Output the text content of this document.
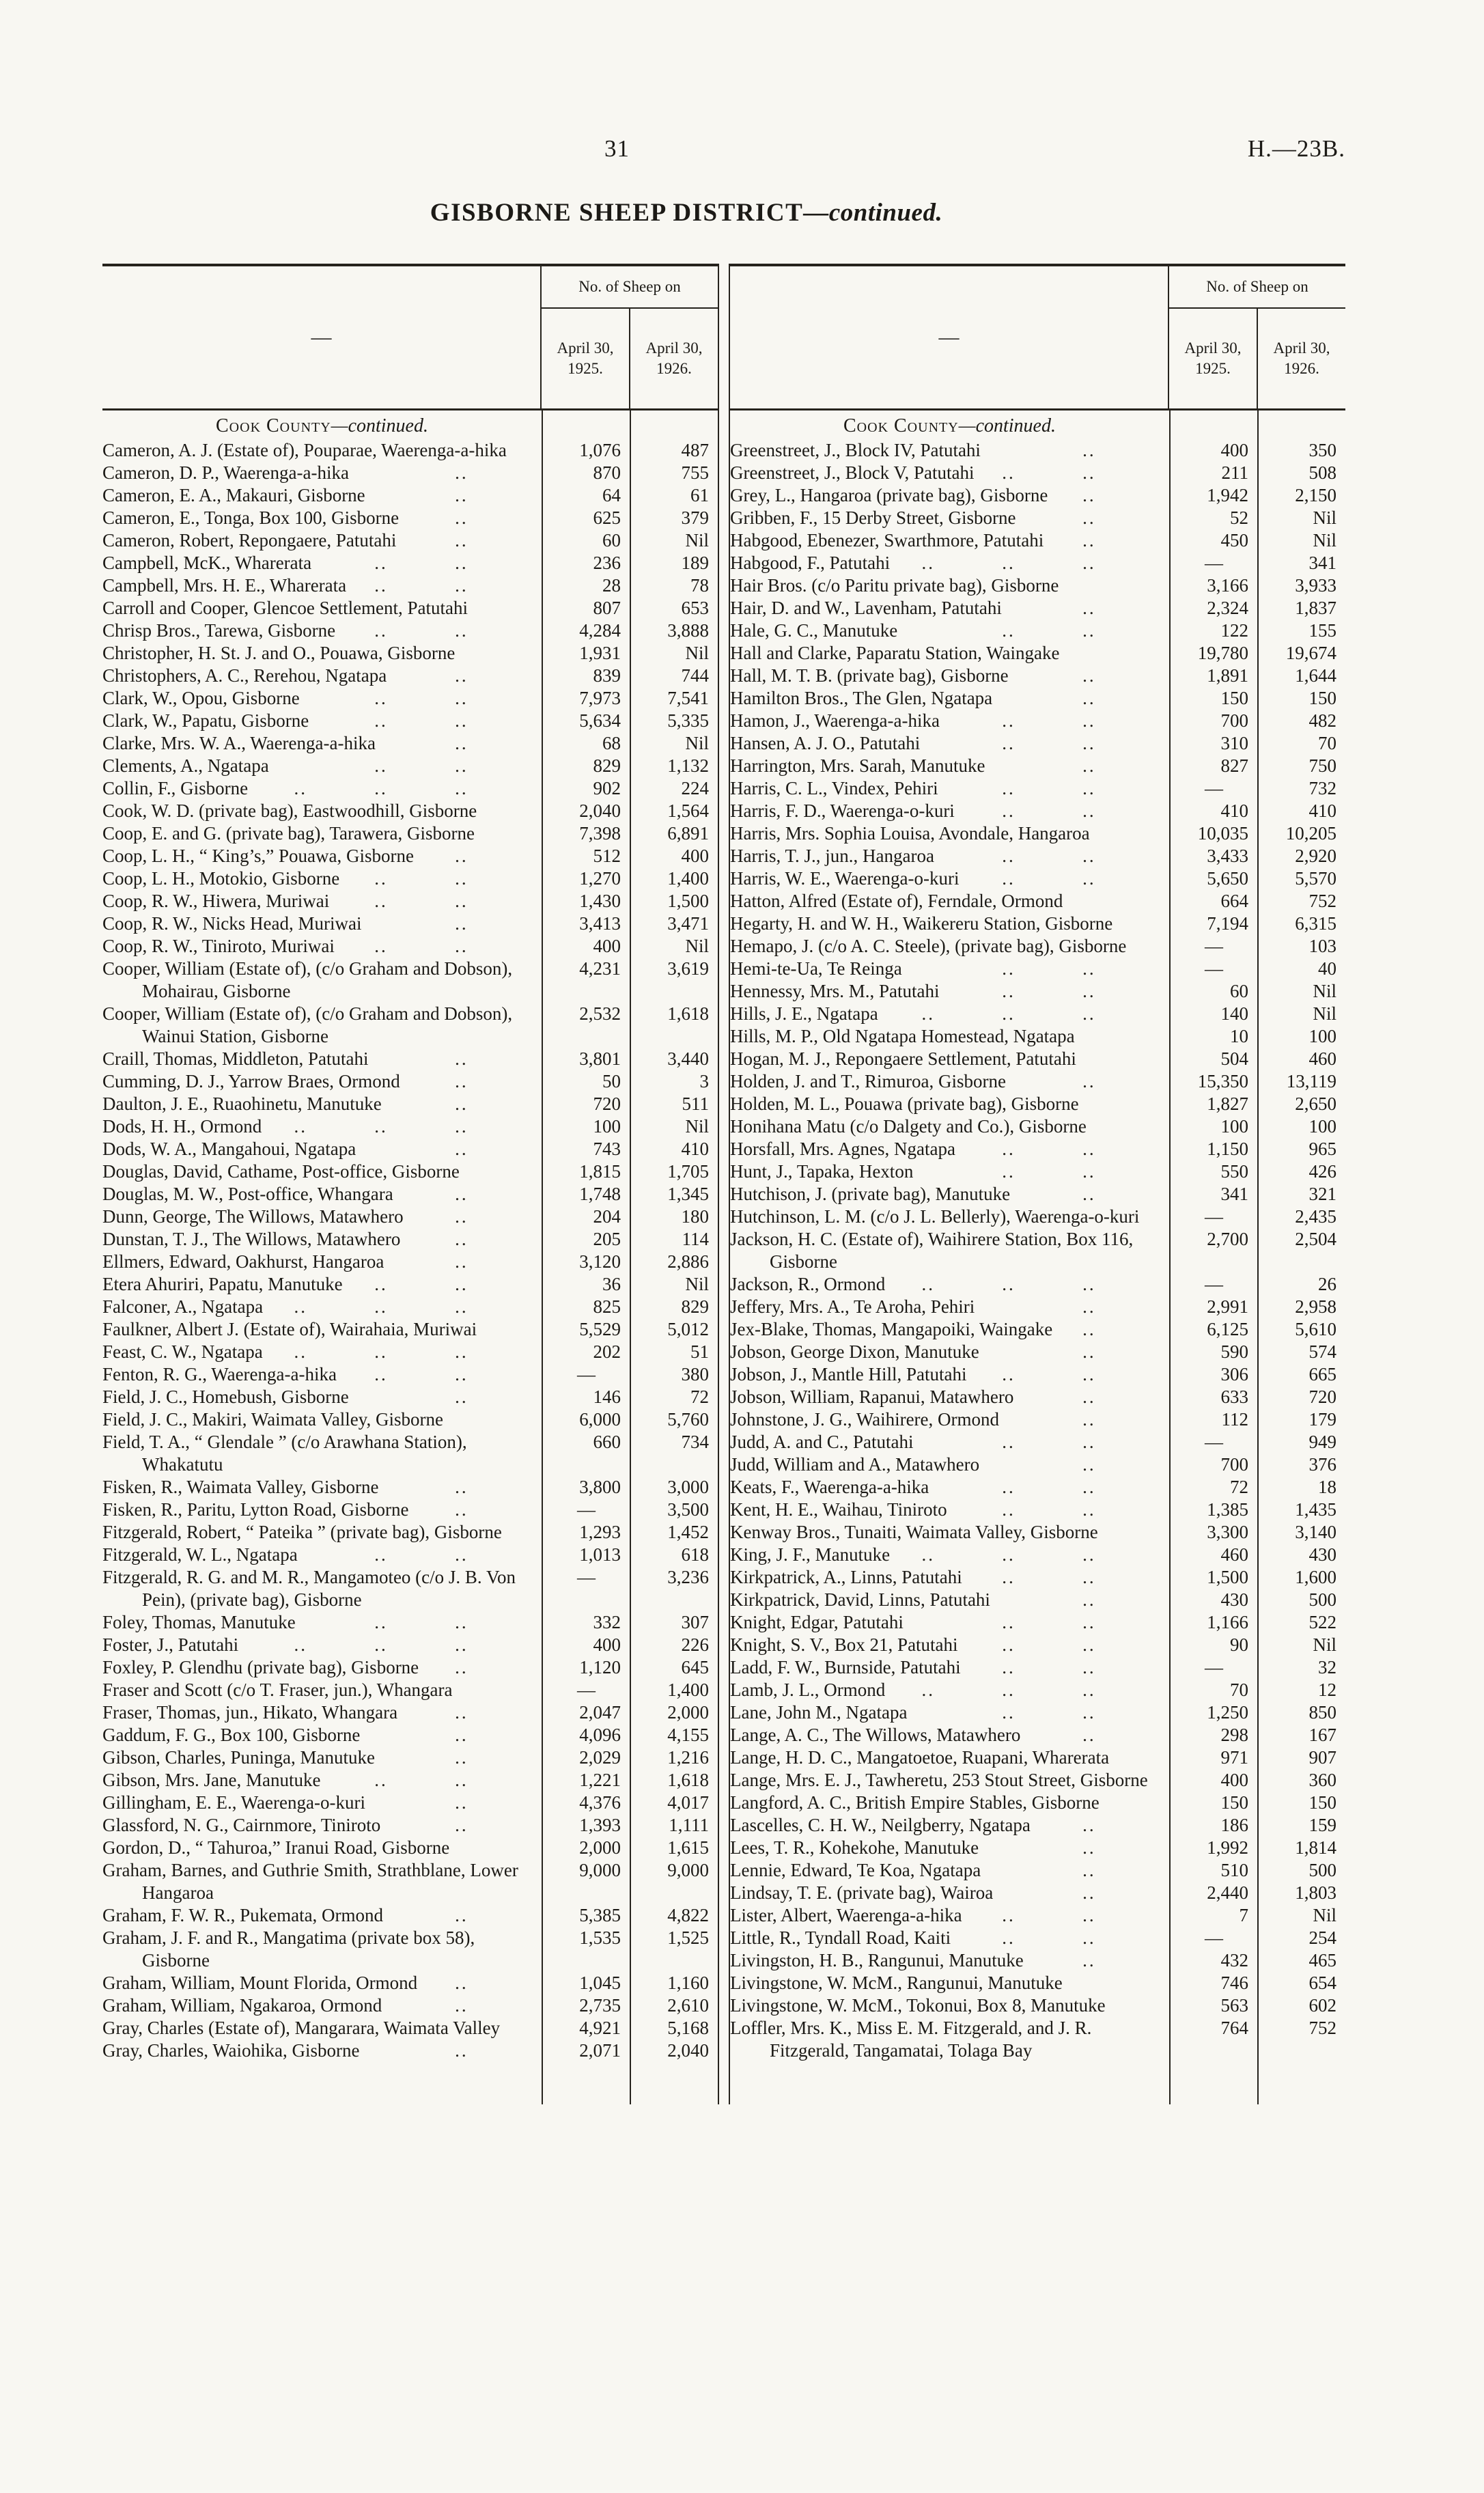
31	H.—23B.
GISBORNE SHEEP DISTRICT—continued.
—
No. of Sheep on
April 30, 1925.
April 30, 1926.
Cook County—continued.
Cameron, A. J. (Estate of), Pouparae, Waerenga-a-hika	1,076	487
Cameron, D. P., Waerenga-a-hika	..	870	755
Cameron, E. A., Makauri, Gisborne	..	64	61
Cameron, E., Tonga, Box 100, Gisborne	..	625	379
Cameron, Robert, Repongaere, Patutahi	..	60	Nil
Campbell, McK., Wharerata	..	..	236	189
Campbell, Mrs. H. E., Wharerata ..	..	28	78
Carroll and Cooper, Glencoe Settlement, Patutahi	807	653
Chrisp Bros., Tarewa, Gisborne ..	..	4,284	3,888
Christopher, H. St. J. and O., Pouawa, Gisborne	1,931	Nil
Christophers, A. C., Rerehou, Ngatapa	..	839	744
Clark, W., Opou, Gisborne	..	..	7,973	7,541
Clark, W., Papatu, Gisborne	..	..	5,634	5,335
Clarke, Mrs. W. A., Waerenga-a-hika	..	68	Nil
Clements, A., Ngatapa	..	..	829	1,132
Collin, F., Gisborne ..	..	..	902	224
Cook, W. D. (private bag), Eastwoodhill, Gisborne	2,040	1,564
Coop, E. and G. (private bag), Tarawera, Gisborne	7,398	6,891
Coop, L. H., “ King’s,” Pouawa, Gisborne ..	512	400
Coop, L. H., Motokio, Gisborne ..	..	1,270	1,400
Coop, R. W., Hiwera, Muriwai ..	..	1,430	1,500
Coop, R. W., Nicks Head, Muriwai	..	3,413	3,471
Coop, R. W., Tiniroto, Muriwai ..	..	400	Nil
Cooper, William (Estate of), (c/o Graham and Dobson), Mohairau, Gisborne
4,231	3,619
Cooper, William (Estate of), (c/o Graham and Dobson), Wainui Station, Gisborne
2,532	1,618
Craill, Thomas, Middleton, Patutahi	..	3,801	3,440
Cumming, D. J., Yarrow Braes, Ormond	..	50	3
Daulton, J. E., Ruaohinetu, Manutuke	..	720	511
Dods, H. H., Ormond ..	..	..	100	Nil
Dods, W. A., Mangahoui, Ngatapa	..	743	410
Douglas, David, Cathame, Post-office, Gisborne	1,815	1,705
Douglas, M. W., Post-office, Whangara	..	1,748	1,345
Dunn, George, The Willows, Matawhero	..	204	180
Dunstan, T. J., The Willows, Matawhero	..	205	114
Ellmers, Edward, Oakhurst, Hangaroa	..	3,120	2,886
Etera Ahuriri, Papatu, Manutuke ..	..	36	Nil
Falconer, A., Ngatapa ..	..	..	825	829
Faulkner, Albert J. (Estate of), Wairahaia, Muriwai	5,529	5,012
Feast, C. W., Ngatapa ..	..	..	202	51
Fenton, R. G., Waerenga-a-hika ..	..	—	380
Field, J. C., Homebush, Gisborne	..	146	72
Field, J. C., Makiri, Waimata Valley, Gisborne	6,000	5,760
Field, T. A., “ Glendale ” (c/o Arawhana Station), Whakatutu
660	734
Fisken, R., Waimata Valley, Gisborne	..	3,800	3,000
Fisken, R., Paritu, Lytton Road, Gisborne	..	—	3,500
Fitzgerald, Robert, “ Pateika ” (private bag), Gisborne	1,293	1,452
Fitzgerald, W. L., Ngatapa	..	..	1,013	618
Fitzgerald, R. G. and M. R., Mangamoteo (c/o J. B. Von Pein), (private bag), Gisborne
—	3,236
Foley, Thomas, Manutuke	..	..	332	307
Foster, J., Patutahi	..	..	..	400	226
Foxley, P. Glendhu (private bag), Gisborne ..	1,120	645
Fraser and Scott (c/o T. Fraser, jun.), Whangara	—	1,400
Fraser, Thomas, jun., Hikato, Whangara	..	2,047	2,000
Gaddum, F. G., Box 100, Gisborne	..	4,096	4,155
Gibson, Charles, Puninga, Manutuke	..	2,029	1,216
Gibson, Mrs. Jane, Manutuke	..	..	1,221	1,618
Gillingham, E. E., Waerenga-o-kuri	..	4,376	4,017
Glassford, N. G., Cairnmore, Tiniroto	..	1,393	1,111
Gordon, D., “ Tahuroa,” Iranui Road, Gisborne	2,000	1,615
Graham, Barnes, and Guthrie Smith, Strathblane, Lower Hangaroa
9,000	9,000
Graham, F. W. R., Pukemata, Ormond	..	5,385	4,822
Graham, J. F. and R., Mangatima (private box 58), Gisborne
1,535	1,525
Graham, William, Mount Florida, Ormond ..	1,045	1,160
Graham, William, Ngakaroa, Ormond	..	2,735	2,610
Gray, Charles (Estate of), Mangarara, Waimata Valley	4,921	5,168
Gray, Charles, Waiohika, Gisborne	..	2,071	2,040
—
No. of Sheep on
April 30, 1925.
April 30, 1926.
Cook County—continued.
Greenstreet, J., Block IV, Patutahi	..	400	350
Greenstreet, J., Block V, Patutahi ..	..	211	508
Grey, L., Hangaroa (private bag), Gisborne ..	1,942	2,150
Gribben, F., 15 Derby Street, Gisborne	..	52	Nil
Habgood, Ebenezer, Swarthmore, Patutahi ..	450	Nil
Habgood, F., Patutahi ..	..	..	—	341
Hair Bros. (c/o Paritu private bag), Gisborne	3,166	3,933
Hair, D. and W., Lavenham, Patutahi	..	2,324	1,837
Hale, G. C., Manutuke	..	..	122	155
Hall and Clarke, Paparatu Station, Waingake	19,780	19,674
Hall, M. T. B. (private bag), Gisborne	..	1,891	1,644
Hamilton Bros., The Glen, Ngatapa	..	150	150
Hamon, J., Waerenga-a-hika	..	..	700	482
Hansen, A. J. O., Patutahi	..	..	310	70
Harrington, Mrs. Sarah, Manutuke	..	827	750
Harris, C. L., Vindex, Pehiri	..	..	—	732
Harris, F. D., Waerenga-o-kuri	..	..	410	410
Harris, Mrs. Sophia Louisa, Avondale, Hangaroa	10,035	10,205
Harris, T. J., jun., Hangaroa	..	..	3,433	2,920
Harris, W. E., Waerenga-o-kuri ..	..	5,650	5,570
Hatton, Alfred (Estate of), Ferndale, Ormond	664	752
Hegarty, H. and W. H., Waikereru Station, Gisborne	7,194	6,315
Hemapo, J. (c/o A. C. Steele), (private bag), Gisborne	—	103
Hemi-te-Ua, Te Reinga	..	..	—	40
Hennessy, Mrs. M., Patutahi	..	..	60	Nil
Hills, J. E., Ngatapa ..	..	..	140	Nil
Hills, M. P., Old Ngatapa Homestead, Ngatapa	10	100
Hogan, M. J., Repongaere Settlement, Patutahi	504	460
Holden, J. and T., Rimuroa, Gisborne	..	15,350	13,119
Holden, M. L., Pouawa (private bag), Gisborne	1,827	2,650
Honihana Matu (c/o Dalgety and Co.), Gisborne	100	100
Horsfall, Mrs. Agnes, Ngatapa	..	..	1,150	965
Hunt, J., Tapaka, Hexton	..	..	550	426
Hutchison, J. (private bag), Manutuke	..	341	321
Hutchinson, L. M. (c/o J. L. Bellerly), Waerenga-o-kuri	—	2,435
Jackson, H. C. (Estate of), Waihirere Station, Box 116, Gisborne
2,700	2,504
Jackson, R., Ormond ..	..	..	—	26
Jeffery, Mrs. A., Te Aroha, Pehiri	..	2,991	2,958
Jex-Blake, Thomas, Mangapoiki, Waingake ..	6,125	5,610
Jobson, George Dixon, Manutuke	..	590	574
Jobson, J., Mantle Hill, Patutahi ..	..	306	665
Jobson, William, Rapanui, Matawhero	..	633	720
Johnstone, J. G., Waihirere, Ormond	..	112	179
Judd, A. and C., Patutahi	..	..	—	949
Judd, William and A., Matawhero	..	700	376
Keats, F., Waerenga-a-hika	..	..	72	18
Kent, H. E., Waihau, Tiniroto	..	..	1,385	1,435
Kenway Bros., Tunaiti, Waimata Valley, Gisborne	3,300	3,140
King, J. F., Manutuke ..	..	..	460	430
Kirkpatrick, A., Linns, Patutahi ..	..	1,500	1,600
Kirkpatrick, David, Linns, Patutahi	..	430	500
Knight, Edgar, Patutahi	..	..	1,166	522
Knight, S. V., Box 21, Patutahi ..	..	90	Nil
Ladd, F. W., Burnside, Patutahi ..	..	—	32
Lamb, J. L., Ormond ..	..	..	70	12
Lane, John M., Ngatapa	..	..	1,250	850
Lange, A. C., The Willows, Matawhero	..	298	167
Lange, H. D. C., Mangatoetoe, Ruapani, Wharerata	971	907
Lange, Mrs. E. J., Tawheretu, 253 Stout Street, Gisborne	400	360
Langford, A. C., British Empire Stables, Gisborne	150	150
Lascelles, C. H. W., Neilgberry, Ngatapa	..	186	159
Lees, T. R., Kohekohe, Manutuke	..	1,992	1,814
Lennie, Edward, Te Koa, Ngatapa	..	510	500
Lindsay, T. E. (private bag), Wairoa	..	2,440	1,803
Lister, Albert, Waerenga-a-hika ..	..	7	Nil
Little, R., Tyndall Road, Kaiti	..	..	—	254
Livingston, H. B., Rangunui, Manutuke	..	432	465
Livingstone, W. McM., Rangunui, Manutuke	746	654
Livingstone, W. McM., Tokonui, Box 8, Manutuke	563	602
Loffler, Mrs. K., Miss E. M. Fitzgerald, and J. R. Fitzgerald, Tangamatai, Tolaga Bay
764	752
